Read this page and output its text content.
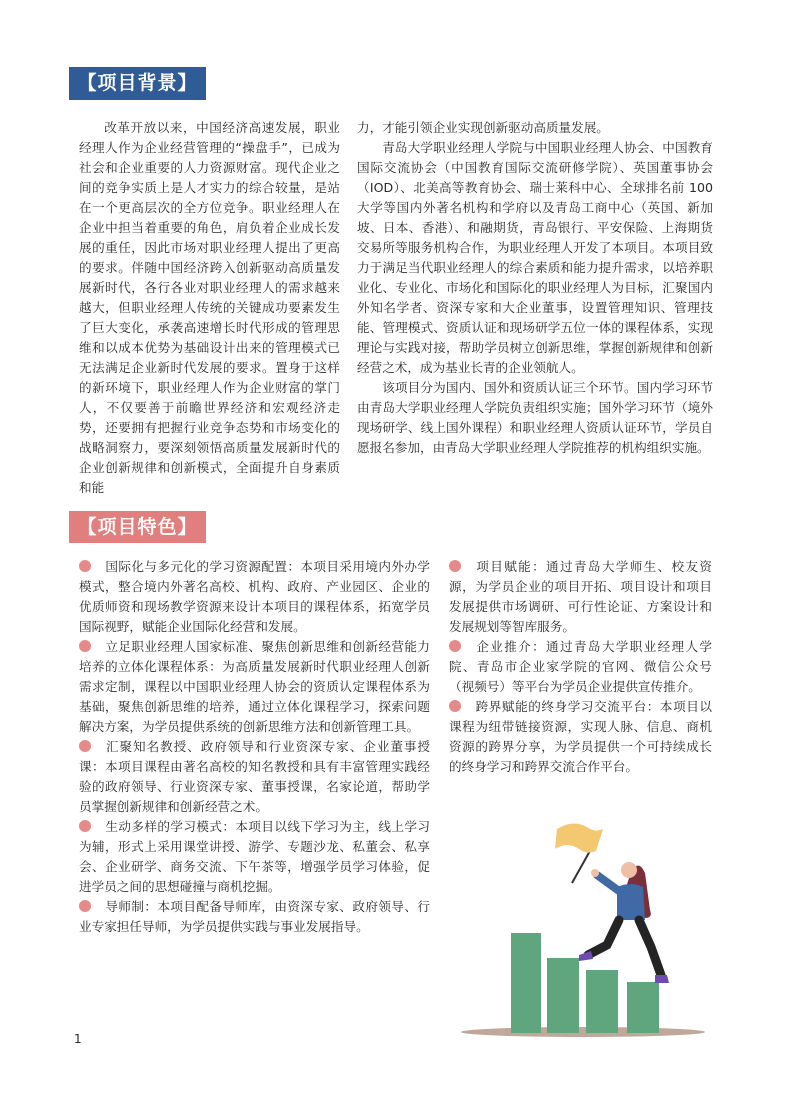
【项目背景】

改革开放以来，中国经济高速发展，职业经理人作为企业经营管理的“操盘手”，已成为社会和企业重要的人力资源财富。现代企业之间的竞争实质上是人才实力的综合较量，是站在一个更高层次的全方位竞争。职业经理人在企业中担当着重要的角色，肩负着企业成长发展的重任，因此市场对职业经理人提出了更高的要求。伴随中国经济跨入创新驱动高质量发展新时代，各行各业对职业经理人的需求越来越大，但职业经理人传统的关键成功要素发生了巨大变化，承袭高速增长时代形成的管理思维和以成本优势为基础设计出来的管理模式已无法满足企业新时代发展的要求。置身于这样的新环境下，职业经理人作为企业财富的掌门人，不仅要善于前瞻世界经济和宏观经济走势，还要拥有把握行业竞争态势和市场变化的战略洞察力，要深刻领悟高质量发展新时代的企业创新规律和创新模式，全面提升自身素质和能

力，才能引领企业实现创新驱动高质量发展。

青岛大学职业经理人学院与中国职业经理人协会、中国教育国际交流协会（中国教育国际交流研修学院）、英国董事协会（IOD）、北美高等教育协会、瑞士莱科中心、全球排名前 100 大学等国内外著名机构和学府以及青岛工商中心（英国、新加坡、日本、香港）、和融期货，青岛银行、平安保险、上海期货交易所等服务机构合作，为职业经理人开发了本项目。本项目致力于满足当代职业经理人的综合素质和能力提升需求，以培养职业化、专业化、市场化和国际化的职业经理人为目标，汇聚国内外知名学者、资深专家和大企业董事，设置管理知识、管理技能、管理模式、资质认证和现场研学五位一体的课程体系，实现理论与实践对接，帮助学员树立创新思维，掌握创新规律和创新经营之术，成为基业长青的企业领航人。

该项目分为国内、国外和资质认证三个环节。国内学习环节由青岛大学职业经理人学院负责组织实施；国外学习环节（境外现场研学、线上国外课程）和职业经理人资质认证环节，学员自愿报名参加，由青岛大学职业经理人学院推荐的机构组织实施。

【项目特色】

国际化与多元化的学习资源配置：本项目采用境内外办学模式，整合境内外著名高校、机构、政府、产业园区、企业的优质师资和现场教学资源来设计本项目的课程体系，拓宽学员国际视野，赋能企业国际化经营和发展。

立足职业经理人国家标准、聚焦创新思维和创新经营能力培养的立体化课程体系：为高质量发展新时代职业经理人创新需求定制，课程以中国职业经理人协会的资质认定课程体系为基础，聚焦创新思维的培养，通过立体化课程学习，探索问题解决方案，为学员提供系统的创新思维方法和创新管理工具。

汇聚知名教授、政府领导和行业资深专家、企业董事授课：本项目课程由著名高校的知名教授和具有丰富管理实践经验的政府领导、行业资深专家、董事授课，名家论道，帮助学员掌握创新规律和创新经营之术。

生动多样的学习模式：本项目以线下学习为主，线上学习为辅，形式上采用课堂讲授、游学、专题沙龙、私董会、私享会、企业研学、商务交流、下午茶等，增强学员学习体验，促进学员之间的思想碰撞与商机挖掘。

导师制：本项目配备导师库，由资深专家、政府领导、行业专家担任导师，为学员提供实践与事业发展指导。

项目赋能：通过青岛大学师生、校友资源，为学员企业的项目开拓、项目设计和项目发展提供市场调研、可行性论证、方案设计和发展规划等智库服务。

企业推介：通过青岛大学职业经理人学院、青岛市企业家学院的官网、微信公众号（视频号）等平台为学员企业提供宣传推介。

跨界赋能的终身学习交流平台：本项目以课程为纽带链接资源，实现人脉、信息、商机资源的跨界分享，为学员提供一个可持续成长的终身学习和跨界交流合作平台。

1
